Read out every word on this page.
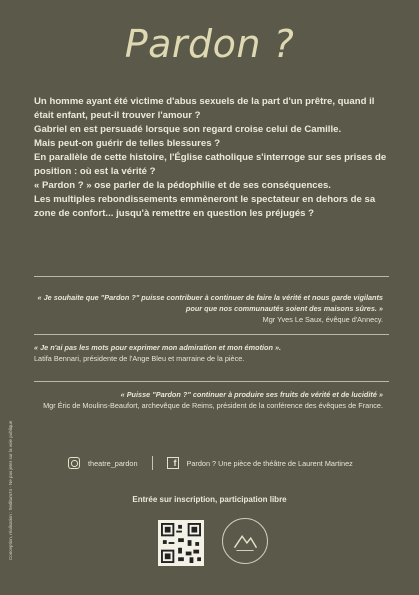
Pardon ?

Un homme ayant été victime d'abus sexuels de la part d'un prêtre, quand il était enfant, peut-il trouver l'amour ?

Gabriel en est persuadé lorsque son regard croise celui de Camille.

Mais peut-on guérir de telles blessures ?

En parallèle de cette histoire, l'Église catholique s'interroge sur ses prises de position : où est la vérité ?

« Pardon ? » ose parler de la pédophilie et de ses conséquences.

Les multiples rebondissements emmèneront le spectateur en dehors de sa zone de confort... jusqu'à remettre en question les préjugés ?

« Je souhaite que "Pardon ?" puisse contribuer à continuer de faire la vérité et nous garde vigilants pour que nos communautés soient des maisons sûres. »
Mgr Yves Le Saux, évêque d'Annecy.
« Je n'ai pas les mots pour exprimer mon admiration et mon émotion ».
Latifa Bennari, présidente de l'Ange Bleu et marraine de la pièce.
« Puisse "Pardon ?" continuer à produire ses fruits de vérité et de lucidité »
Mgr Éric de Moulins-Beaufort, archevêque de Reims, président de la conférence des évêques de France.
theatre_pardon	f Pardon ? Une pièce de théâtre de Laurent Martinez
Entrée sur inscription, participation libre
Conception, réalisation : Seditum74 - Ne pas jeter sur la voie publique
